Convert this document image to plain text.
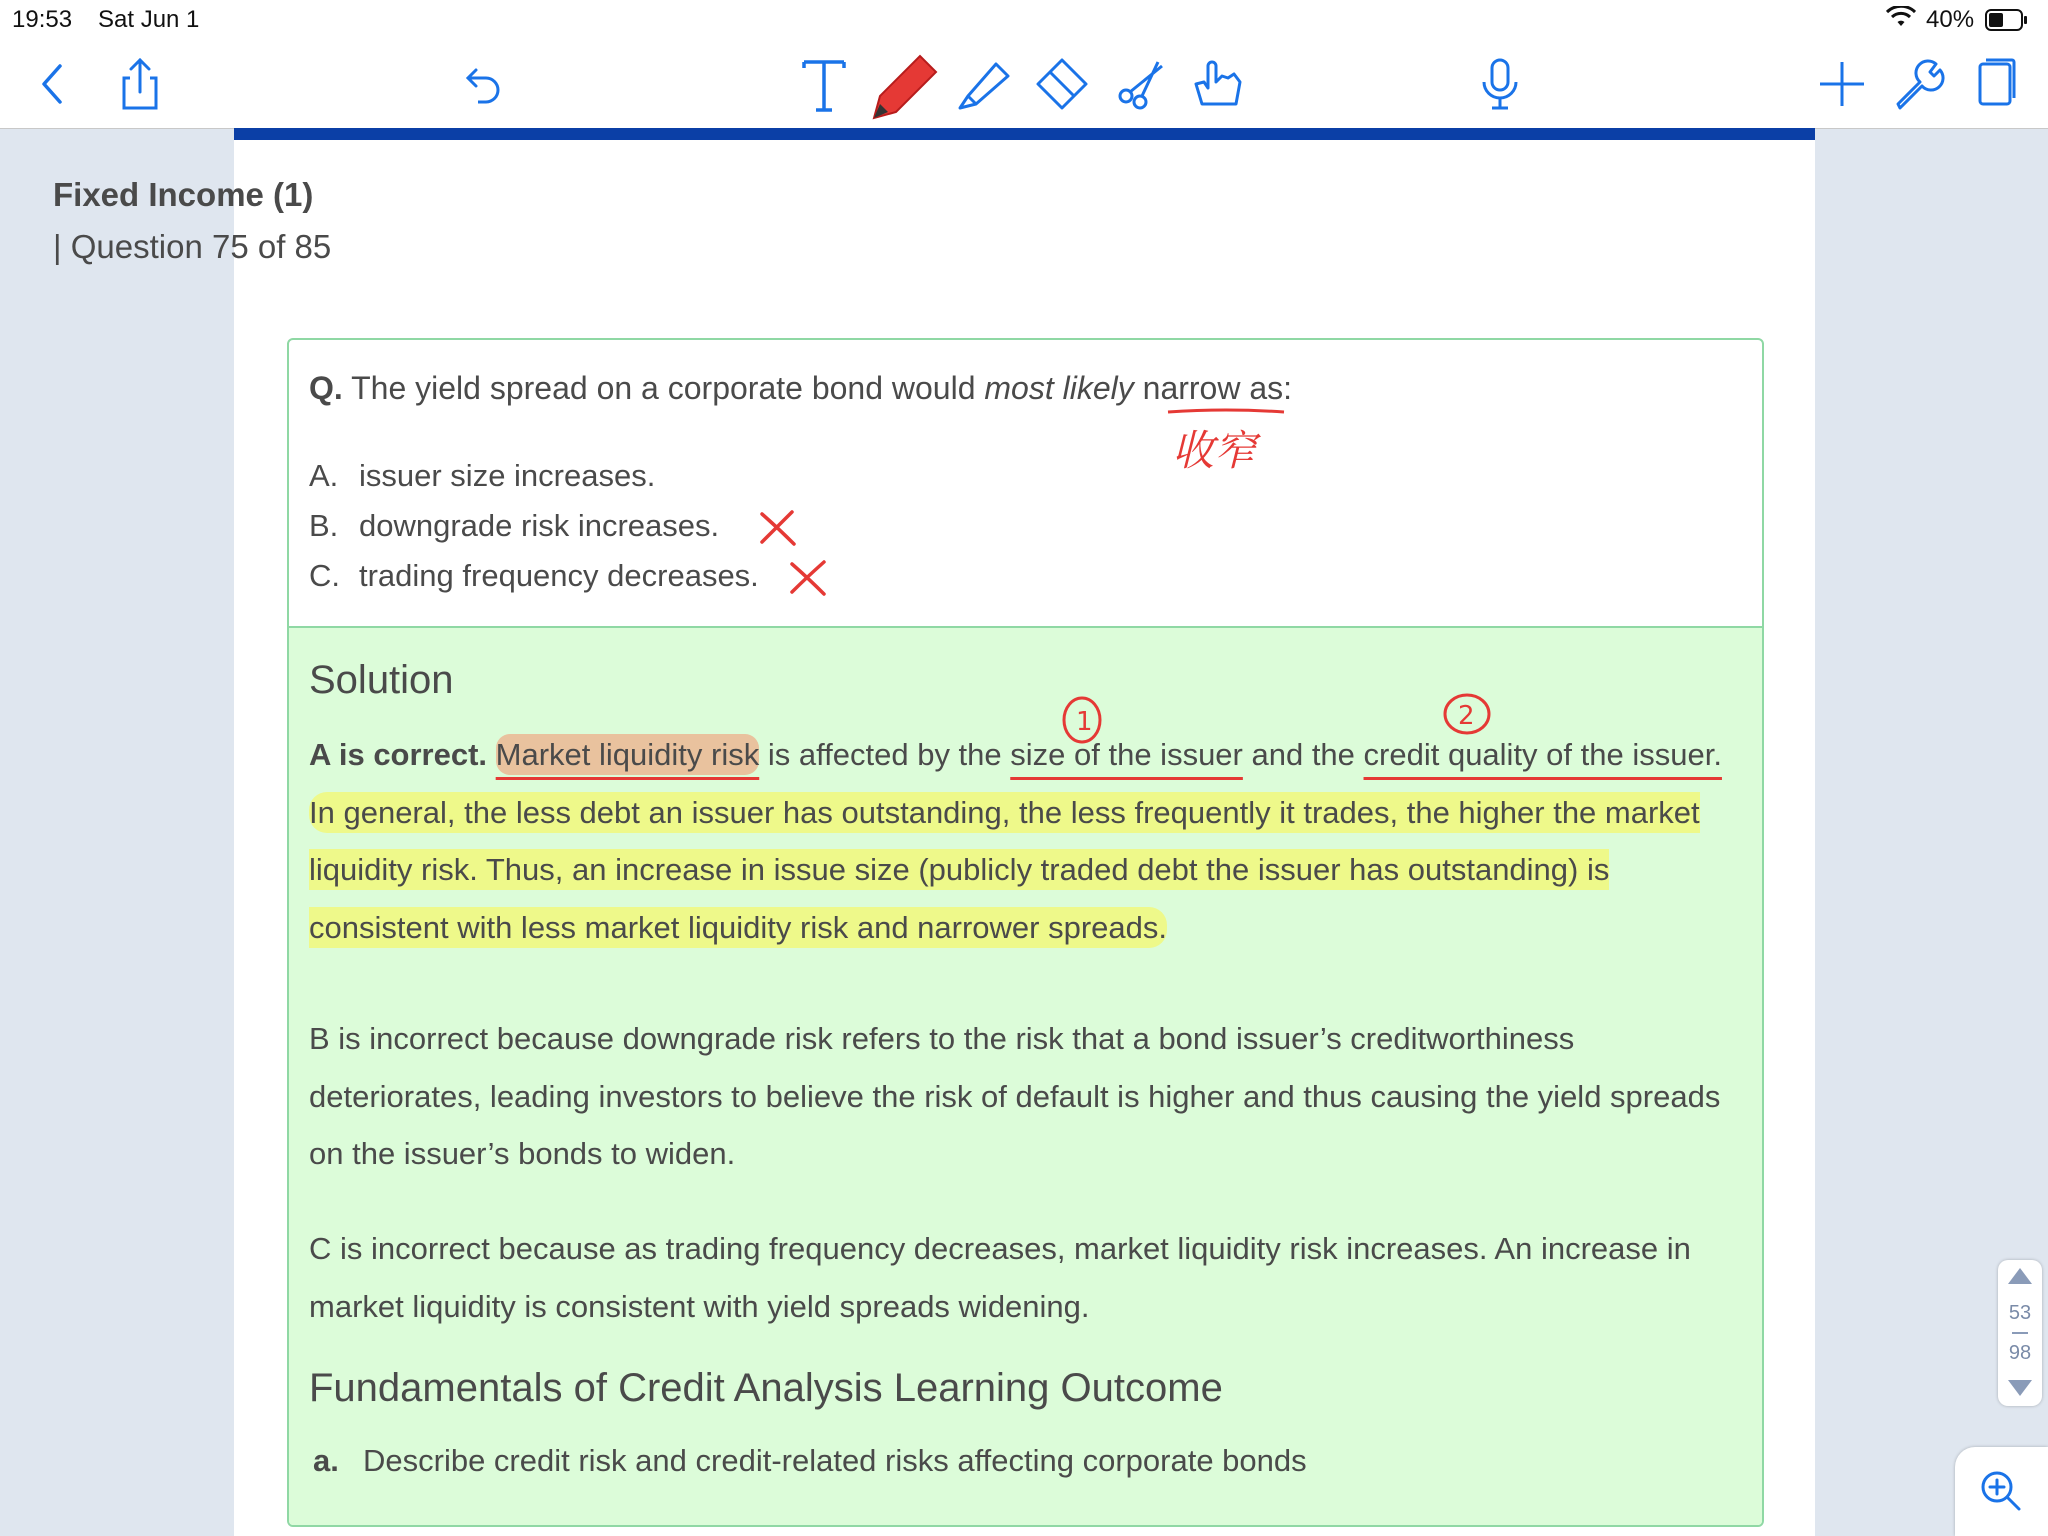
19:53 Sat Jun 1	40%
Fixed Income (1)
| Question 75 of 85
Q. The yield spread on a corporate bond would most likely narrow as:
A. issuer size increases.
B. downgrade risk increases.
C. trading frequency decreases.
Solution

A is correct. Market liquidity risk is affected by the size of the issuer and the credit quality of the issuer. In general, the less debt an issuer has outstanding, the less frequently it trades, the higher the market liquidity risk. Thus, an increase in issue size (publicly traded debt the issuer has outstanding) is consistent with less market liquidity risk and narrower spreads.

B is incorrect because downgrade risk refers to the risk that a bond issuer’s creditworthiness deteriorates, leading investors to believe the risk of default is higher and thus causing the yield spreads on the issuer’s bonds to widen.

C is incorrect because as trading frequency decreases, market liquidity risk increases. An increase in market liquidity is consistent with yield spreads widening.

Fundamentals of Credit Analysis Learning Outcome
a. Describe credit risk and credit-related risks affecting corporate bonds
收窄
1	2
53
98
